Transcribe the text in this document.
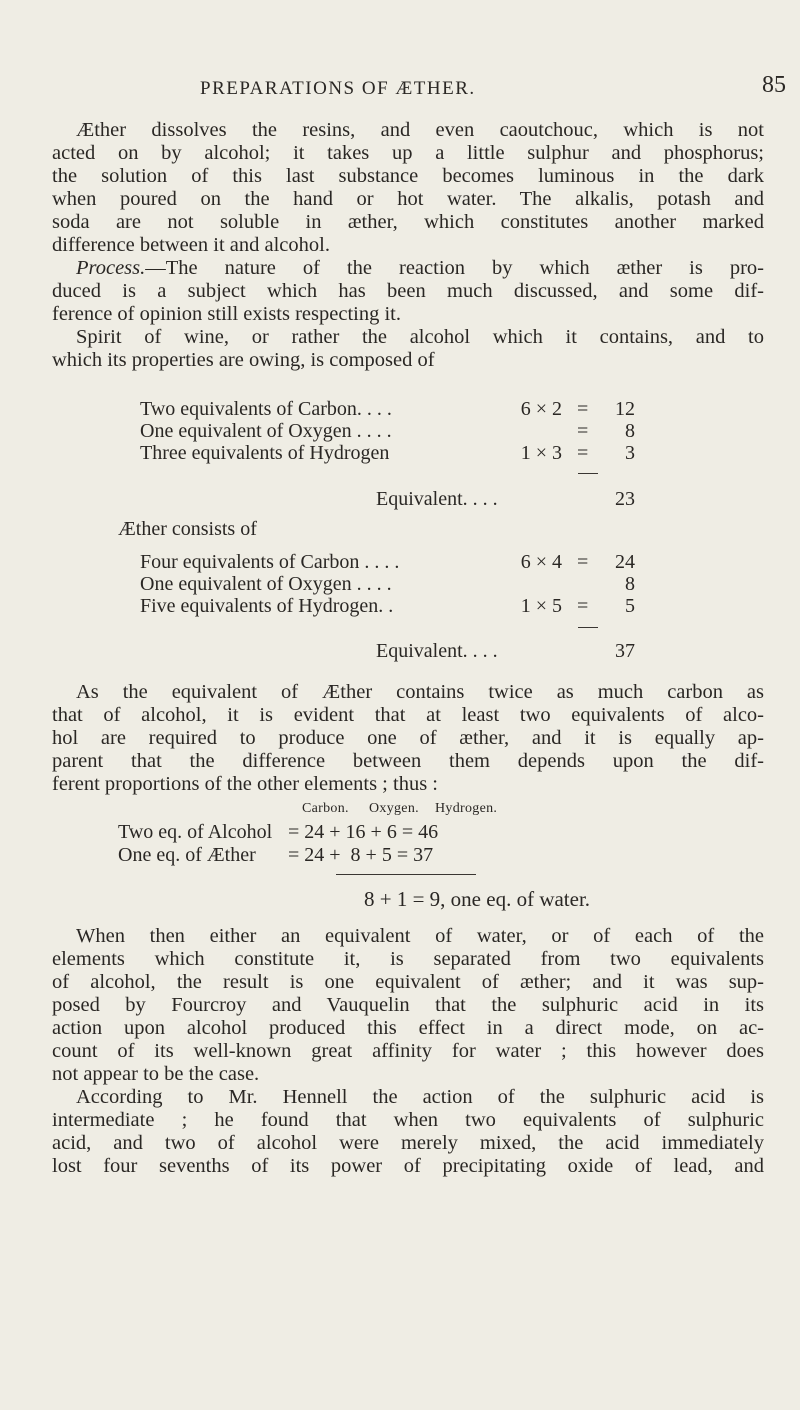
PREPARATIONS OF ÆTHER.	85
Æther dissolves the resins, and even caoutchouc, which is not
acted on by alcohol; it takes up a little sulphur and phosphorus;
the solution of this last substance becomes luminous in the dark
when poured on the hand or hot water. The alkalis, potash and
soda are not soluble in æther, which constitutes another marked
difference between it and alcohol.
Process.—The nature of the reaction by which æther is pro-
duced is a subject which has been much discussed, and some dif-
ference of opinion still exists respecting it.
Spirit of wine, or rather the alcohol which it contains, and to
which its properties are owing, is composed of
Two equivalents of Carbon. . . .	6 × 2 =	12
One equivalent of Oxygen . . . .	=	8
Three equivalents of Hydrogen	1 × 3 =	3
Equivalent. . . .	23
Æther consists of
Four equivalents of Carbon . . . .	6 × 4 =	24
One equivalent of Oxygen . . . .	8
Five equivalents of Hydrogen. .	1 × 5 =	5
Equivalent. . . .	37
As the equivalent of Æther contains twice as much carbon as
that of alcohol, it is evident that at least two equivalents of alco-
hol are required to produce one of æther, and it is equally ap-
parent that the difference between them depends upon the dif-
ferent proportions of the other elements ; thus :
Carbon. Oxygen. Hydrogen.
Two eq. of Alcohol = 24 + 16 + 6 = 46
One eq. of Æther = 24 +  8 + 5 = 37
8 + 1 = 9, one eq. of water.
When then either an equivalent of water, or of each of the
elements which constitute it, is separated from two equivalents
of alcohol, the result is one equivalent of æther; and it was sup-
posed by Fourcroy and Vauquelin that the sulphuric acid in its
action upon alcohol produced this effect in a direct mode, on ac-
count of its well-known great affinity for water ; this however does
not appear to be the case.
According to Mr. Hennell the action of the sulphuric acid is
intermediate ; he found that when two equivalents of sulphuric
acid, and two of alcohol were merely mixed, the acid immediately
lost four sevenths of its power of precipitating oxide of lead, and
